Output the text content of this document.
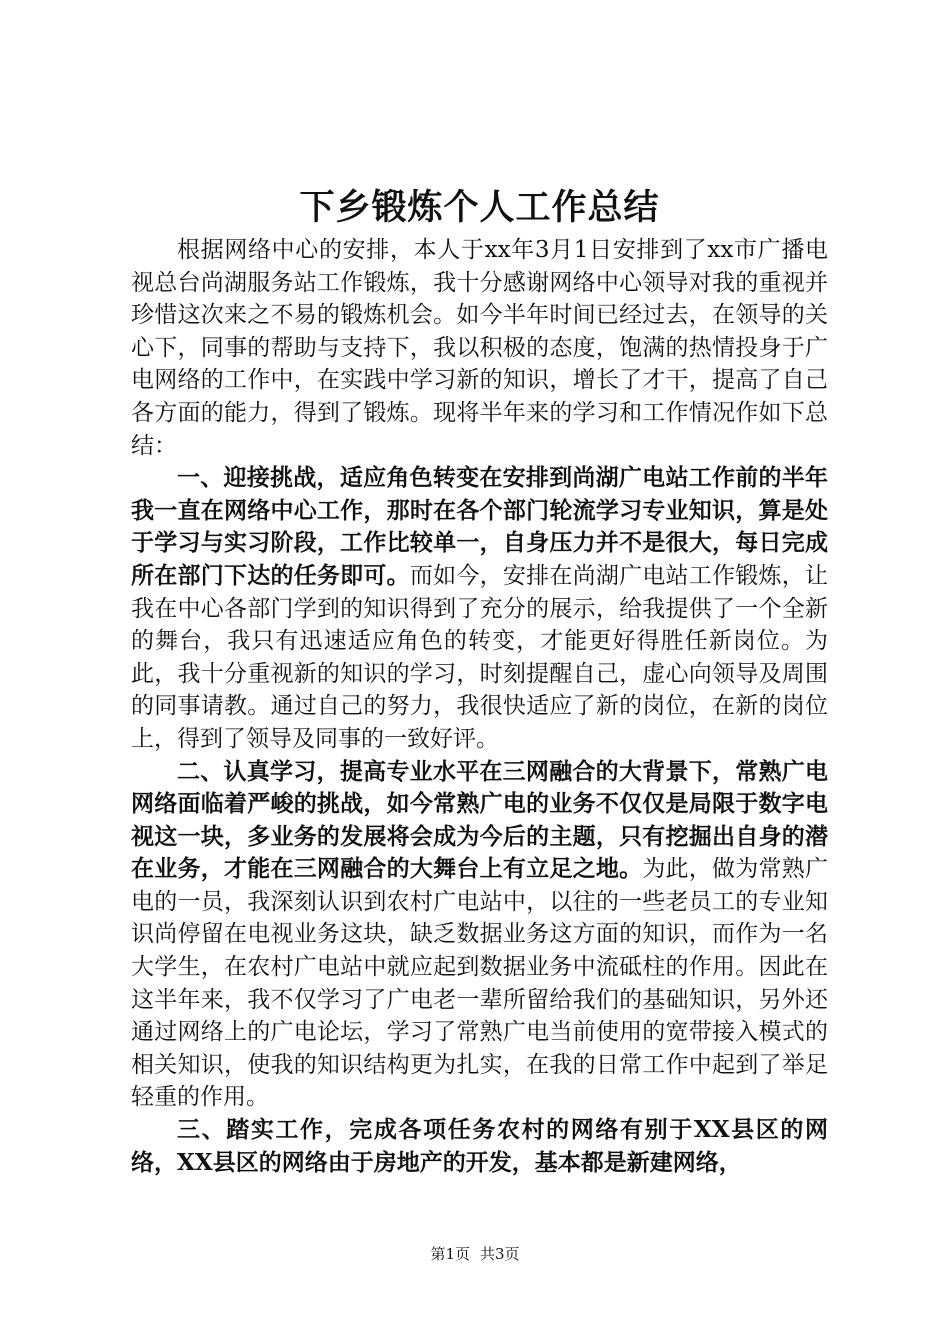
下乡锻炼个人工作总结

根据网络中心的安排，本人于xx年3月1日安排到了xx市广播电视总台尚湖服务站工作锻炼，我十分感谢网络中心领导对我的重视并珍惜这次来之不易的锻炼机会。如今半年时间已经过去，在领导的关心下，同事的帮助与支持下，我以积极的态度，饱满的热情投身于广电网络的工作中，在实践中学习新的知识，增长了才干，提高了自己各方面的能力，得到了锻炼。现将半年来的学习和工作情况作如下总结：

一、迎接挑战，适应角色转变在安排到尚湖广电站工作前的半年我一直在网络中心工作，那时在各个部门轮流学习专业知识，算是处于学习与实习阶段，工作比较单一，自身压力并不是很大，每日完成所在部门下达的任务即可。而如今，安排在尚湖广电站工作锻炼，让我在中心各部门学到的知识得到了充分的展示，给我提供了一个全新的舞台，我只有迅速适应角色的转变，才能更好得胜任新岗位。为此，我十分重视新的知识的学习，时刻提醒自己，虚心向领导及周围的同事请教。通过自己的努力，我很快适应了新的岗位，在新的岗位上，得到了领导及同事的一致好评。

二、认真学习，提高专业水平在三网融合的大背景下，常熟广电网络面临着严峻的挑战，如今常熟广电的业务不仅仅是局限于数字电视这一块，多业务的发展将会成为今后的主题，只有挖掘出自身的潜在业务，才能在三网融合的大舞台上有立足之地。为此，做为常熟广电的一员，我深刻认识到农村广电站中，以往的一些老员工的专业知识尚停留在电视业务这块，缺乏数据业务这方面的知识，而作为一名大学生，在农村广电站中就应起到数据业务中流砥柱的作用。因此在这半年来，我不仅学习了广电老一辈所留给我们的基础知识，另外还通过网络上的广电论坛，学习了常熟广电当前使用的宽带接入模式的相关知识，使我的知识结构更为扎实，在我的日常工作中起到了举足轻重的作用。

三、踏实工作，完成各项任务农村的网络有别于XX县区的网络，XX县区的网络由于房地产的开发，基本都是新建网络，

第1页 共3页
